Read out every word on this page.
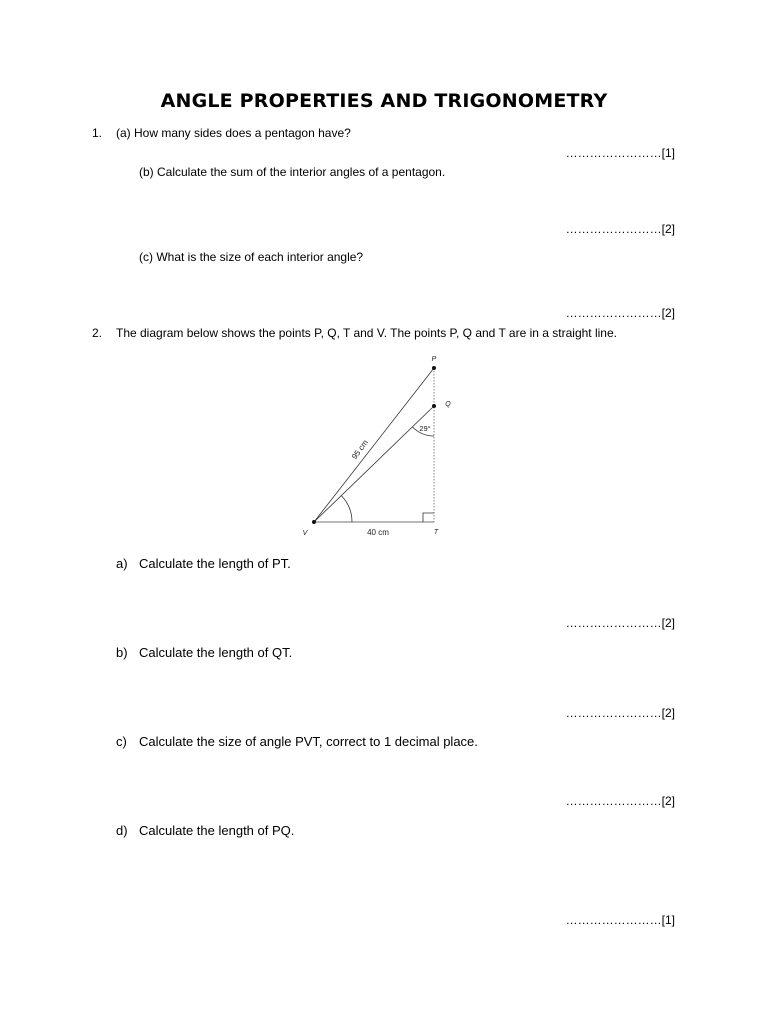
ANGLE PROPERTIES AND TRIGONOMETRY
1. (a) How many sides does a pentagon have?
……………………[1]
(b) Calculate the sum of the interior angles of a pentagon.
……………………[2]
(c) What is the size of each interior angle?
……………………[2]
2. The diagram below shows the points P, Q, T and V. The points P, Q and T are in a straight line.
P
Q
T
V
29°
95 cm
40 cm
a) Calculate the length of PT.
……………………[2]
b) Calculate the length of QT.
……………………[2]
c) Calculate the size of angle PVT, correct to 1 decimal place.
……………………[2]
d) Calculate the length of PQ.
……………………[1]
